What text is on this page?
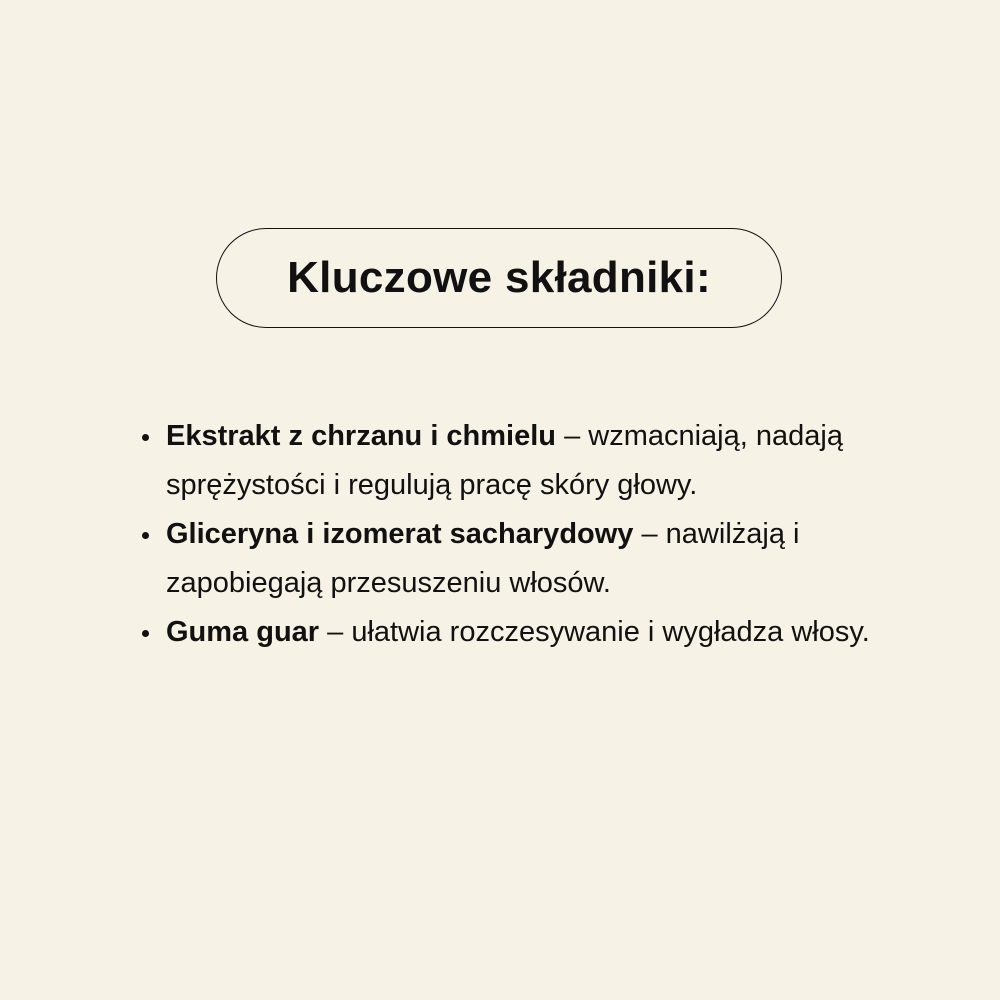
Kluczowe składniki:
Ekstrakt z chrzanu i chmielu – wzmacniają, nadają sprężystości i regulują pracę skóry głowy.
Gliceryna i izomerat sacharydowy – nawilżają i zapobiegają przesuszeniu włosów.
Guma guar – ułatwia rozczesywanie i wygładza włosy.
